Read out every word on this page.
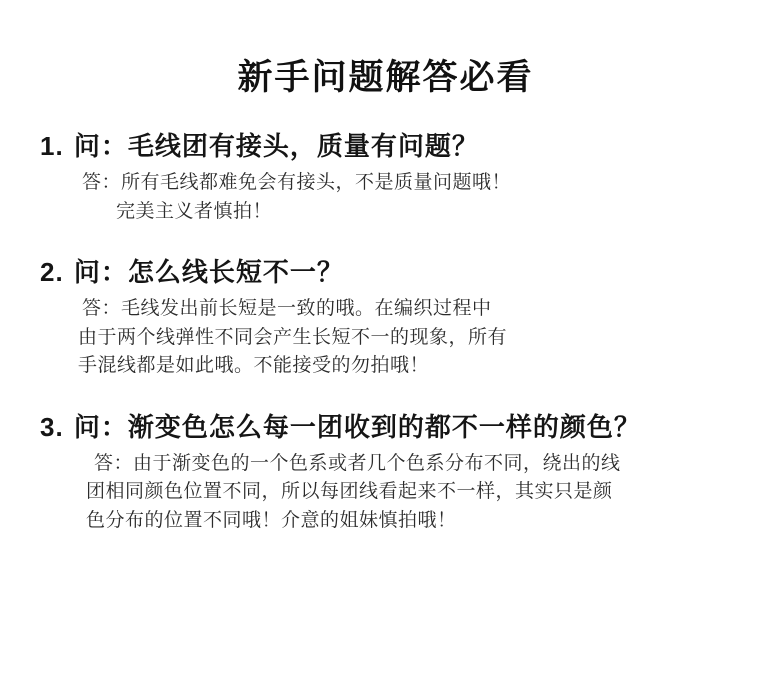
新手问题解答必看
1. 问：毛线团有接头，质量有问题？
答：所有毛线都难免会有接头，不是质量问题哦！
完美主义者慎拍！
2. 问：怎么线长短不一？
答：毛线发出前长短是一致的哦。在编织过程中
由于两个线弹性不同会产生长短不一的现象，所有
手混线都是如此哦。不能接受的勿拍哦！
3. 问：渐变色怎么每一团收到的都不一样的颜色？
答：由于渐变色的一个色系或者几个色系分布不同，绕出的线
团相同颜色位置不同，所以每团线看起来不一样，其实只是颜
色分布的位置不同哦！介意的姐妹慎拍哦！
